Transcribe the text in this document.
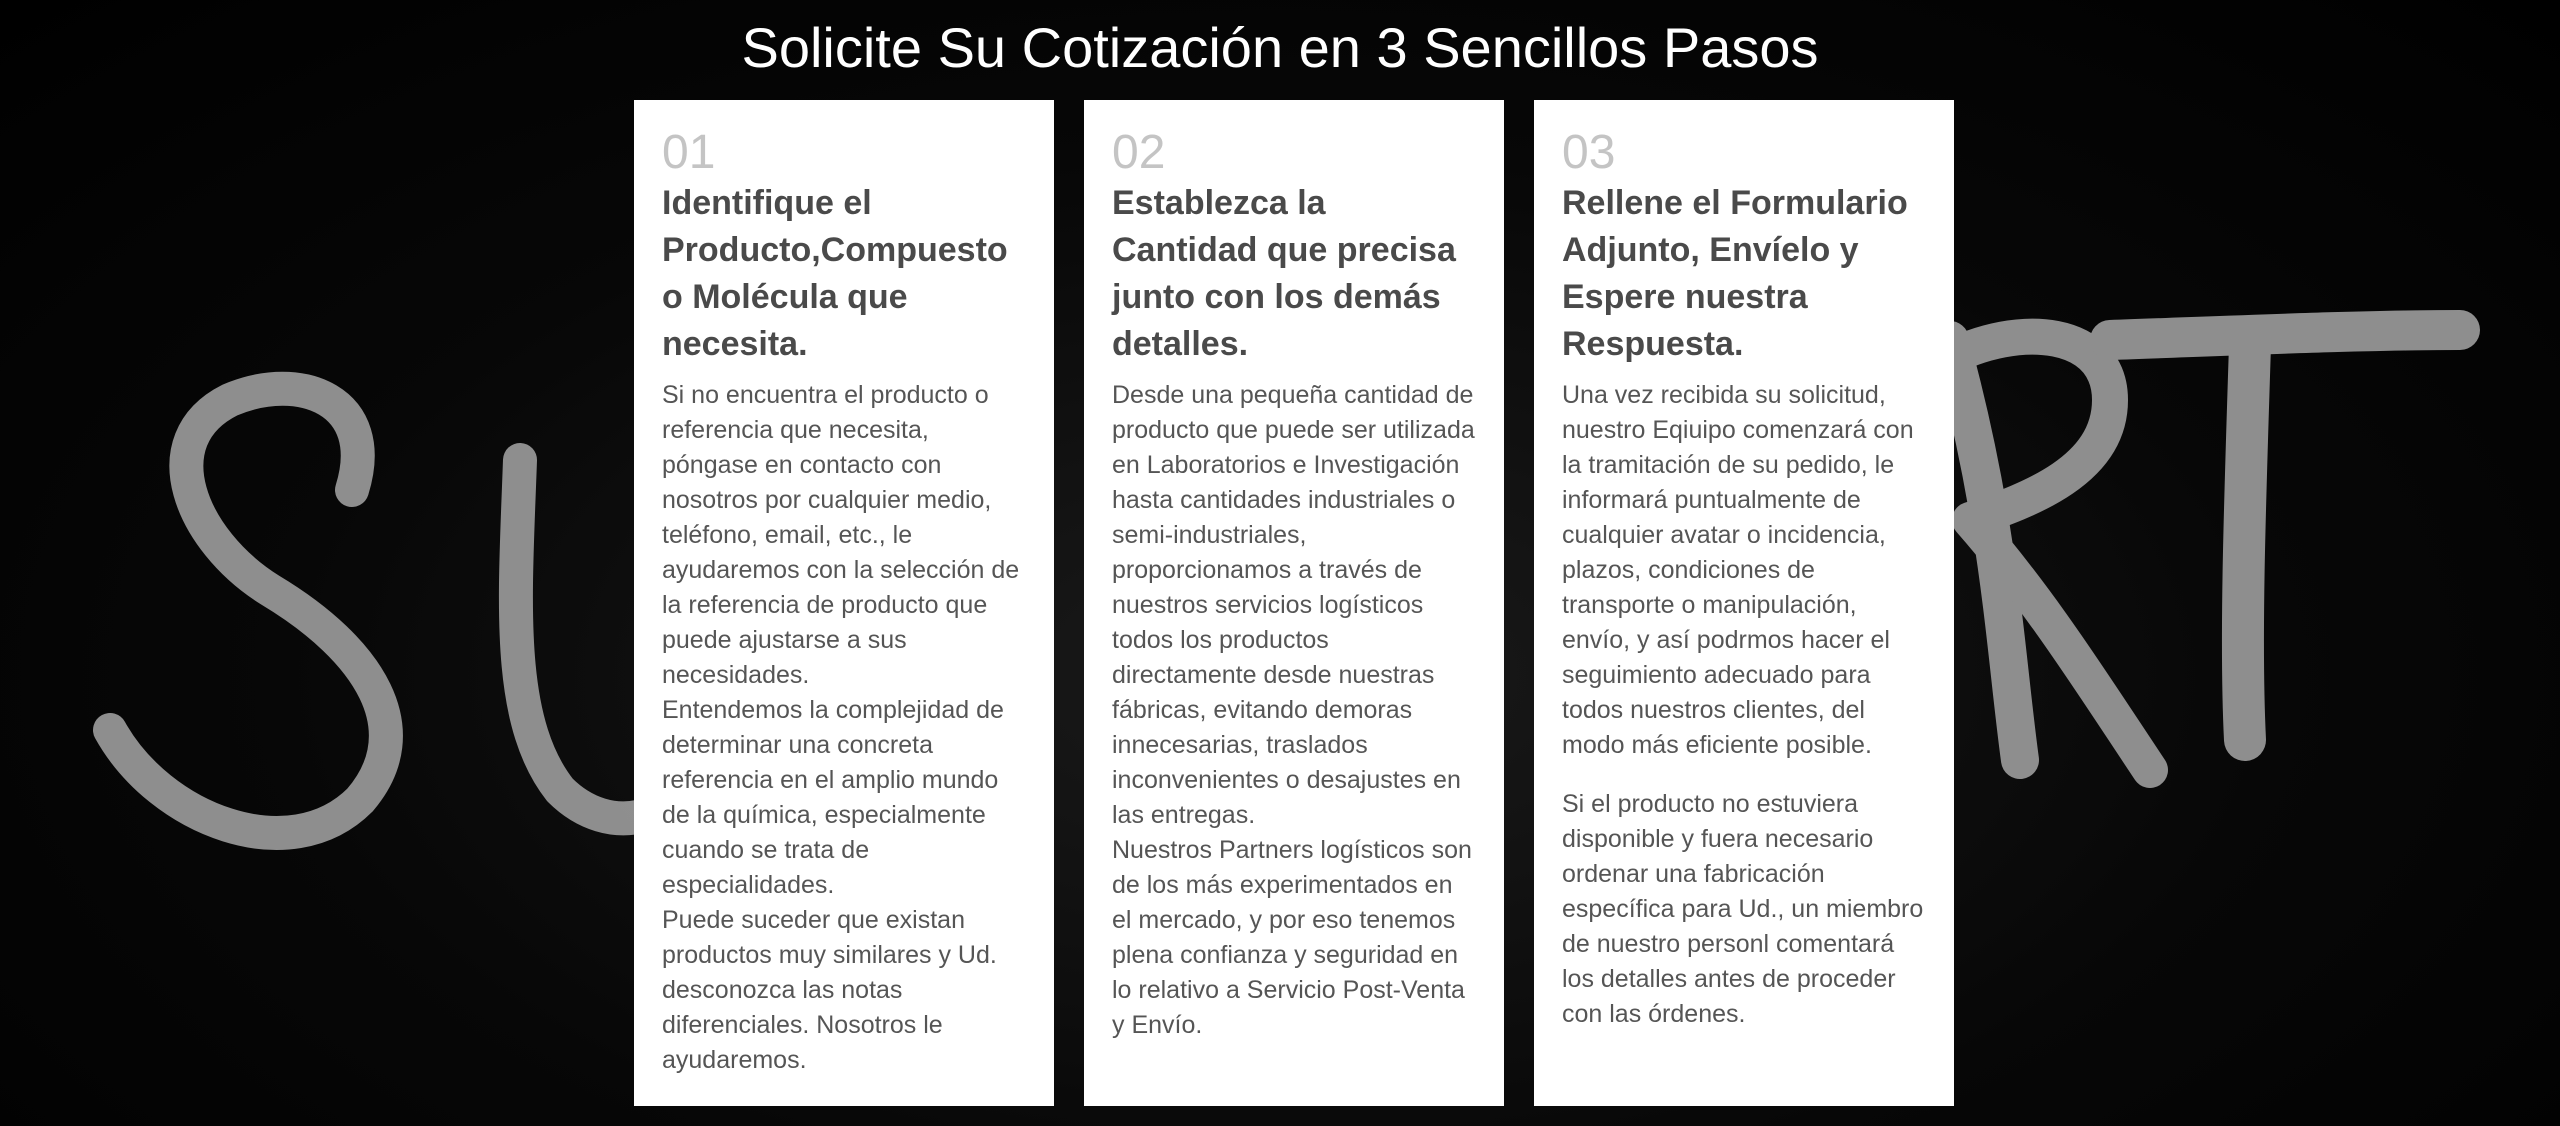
Solicite Su Cotización en 3 Sencillos Pasos
01
Identifique el Producto,Compuesto o Molécula que necesita.

Si no encuentra el producto o referencia que necesita, póngase en contacto con nosotros por cualquier medio, teléfono, email, etc., le ayudaremos con la selección de la referencia de producto que puede ajustarse a sus necesidades.

Entendemos la complejidad de determinar una concreta referencia en el amplio mundo de la química, especialmente cuando se trata de especialidades.

Puede suceder que existan productos muy similares y Ud. desconozca las notas diferenciales. Nosotros le ayudaremos.

02
Establezca la Cantidad que precisa junto con los demás detalles.

Desde una pequeña cantidad de producto que puede ser utilizada en Laboratorios e Investigación hasta cantidades industriales o semi-industriales, proporcionamos a través de nuestros servicios logísticos todos los productos directamente desde nuestras fábricas, evitando demoras innecesarias, traslados inconvenientes o desajustes en las entregas.

Nuestros Partners logísticos son de los más experimentados en el mercado, y por eso tenemos plena confianza y seguridad en lo relativo a Servicio Post-Venta y Envío.

03
Rellene el Formulario Adjunto, Envíelo y Espere nuestra Respuesta.

Una vez recibida su solicitud, nuestro Eqiuipo comenzará con la tramitación de su pedido, le informará puntualmente de cualquier avatar o incidencia, plazos, condiciones de transporte o manipulación, envío, y así podrmos hacer el seguimiento adecuado para todos nuestros clientes, del modo más eficiente posible.

Si el producto no estuviera disponible y fuera necesario ordenar una fabricación específica para Ud., un miembro de nuestro personl comentará los detalles antes de proceder con las órdenes.
